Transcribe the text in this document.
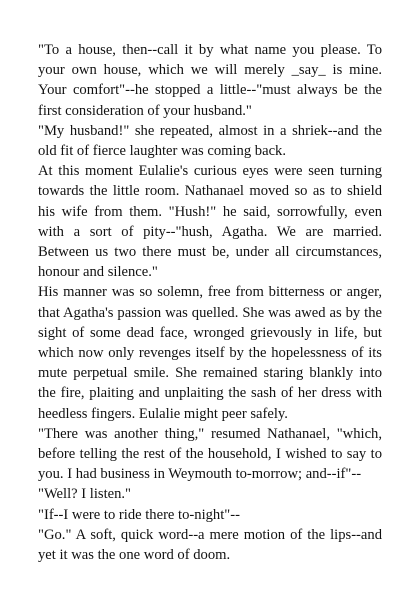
"To a house, then--call it by what name you please. To your own house, which we will merely _say_ is mine. Your comfort"--he stopped a little--"must always be the first consideration of your husband."

"My husband!" she repeated, almost in a shriek--and the old fit of fierce laughter was coming back.

At this moment Eulalie's curious eyes were seen turning towards the little room. Nathanael moved so as to shield his wife from them. "Hush!" he said, sorrowfully, even with a sort of pity--"hush, Agatha. We are married. Between us two there must be, under all circumstances, honour and silence."

His manner was so solemn, free from bitterness or anger, that Agatha's passion was quelled. She was awed as by the sight of some dead face, wronged grievously in life, but which now only revenges itself by the hopelessness of its mute perpetual smile. She remained staring blankly into the fire, plaiting and unplaiting the sash of her dress with heedless fingers. Eulalie might peer safely.

"There was another thing," resumed Nathanael, "which, before telling the rest of the household, I wished to say to you. I had business in Weymouth to-morrow; and--if"--

"Well? I listen."

"If--I were to ride there to-night"--

"Go." A soft, quick word--a mere motion of the lips--and yet it was the one word of doom.
